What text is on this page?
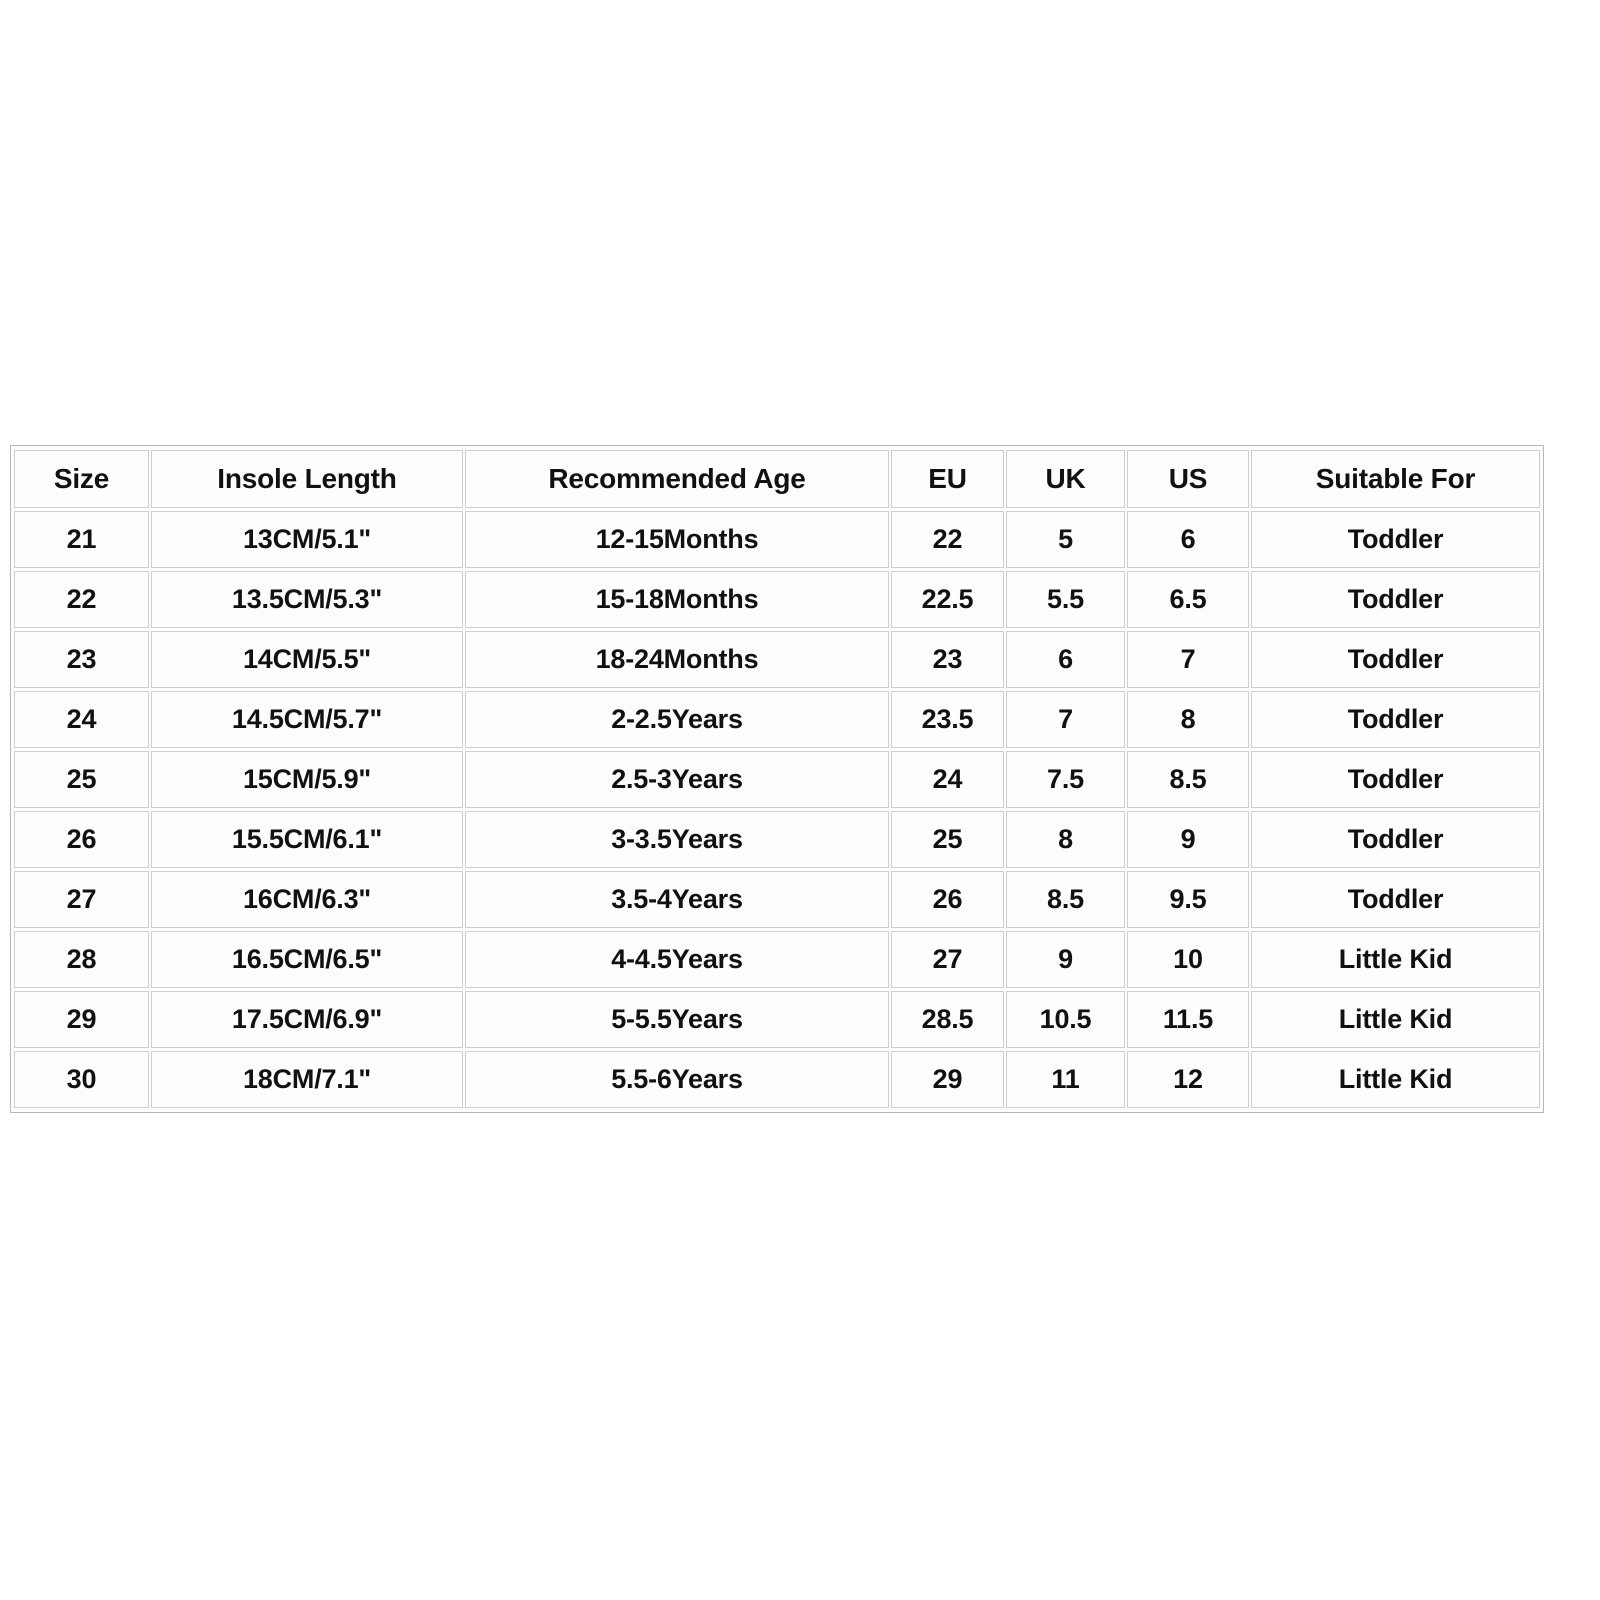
Size	Insole Length	Recommended Age	EU	UK	US	Suitable For
21	13CM/5.1"	12-15Months	22	5	6	Toddler
22	13.5CM/5.3"	15-18Months	22.5	5.5	6.5	Toddler
23	14CM/5.5"	18-24Months	23	6	7	Toddler
24	14.5CM/5.7"	2-2.5Years	23.5	7	8	Toddler
25	15CM/5.9"	2.5-3Years	24	7.5	8.5	Toddler
26	15.5CM/6.1"	3-3.5Years	25	8	9	Toddler
27	16CM/6.3"	3.5-4Years	26	8.5	9.5	Toddler
28	16.5CM/6.5"	4-4.5Years	27	9	10	Little Kid
29	17.5CM/6.9"	5-5.5Years	28.5	10.5	11.5	Little Kid
30	18CM/7.1"	5.5-6Years	29	11	12	Little Kid
